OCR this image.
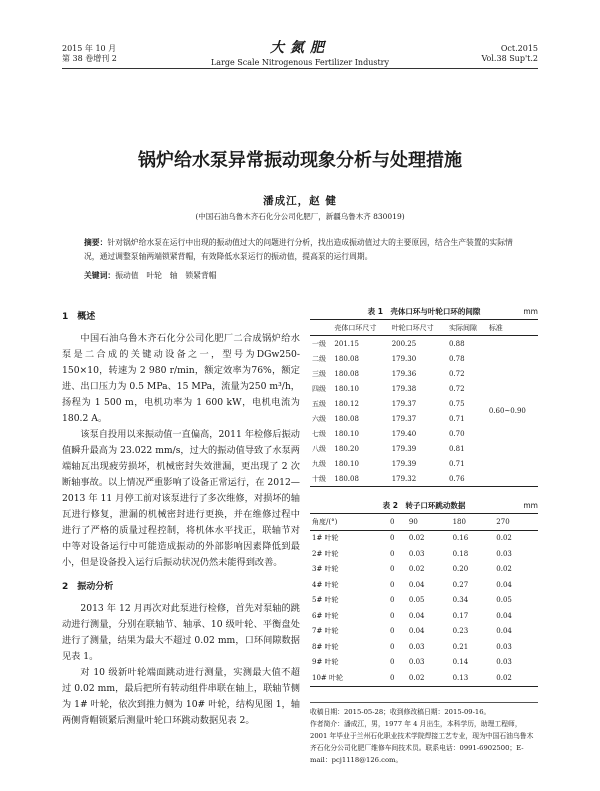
2015 年 10 月
第 38 卷增刊 2
大氮肥
Large Scale Nitrogenous Fertilizer Industry
Oct.2015
Vol.38 Sup't.2
锅炉给水泵异常振动现象分析与处理措施
潘成江，赵 健
(中国石油乌鲁木齐石化分公司化肥厂，新疆乌鲁木齐 830019)
摘要：针对锅炉给水泵在运行中出现的振动值过大的问题进行分析，找出造成振动值过大的主要原因，结合生产装置的实际情况，通过调整泵轴两端锁紧背帽，有效降低水泵运行的振动值，提高泵的运行周期。
关键词：振动值　叶轮　轴　锁紧背帽
1　概述

中国石油乌鲁木齐石化分公司化肥厂二合成锅炉给水泵是二合成的关键动设备之一，型号为DGw250-150×10，转速为 2 980 r/min，额定效率为76%，额定进、出口压力为 0.5 MPa、15 MPa，流量为250 m³/h，扬程为 1 500 m，电机功率为 1 600 kW，电机电流为 180.2 A。

该泵自投用以来振动值一直偏高，2011 年检修后振动值瞬升最高为 23.022 mm/s，过大的振动值导致了水泵两端轴瓦出现疲劳损坏，机械密封失效泄漏，更出现了 2 次断轴事故。以上情况严重影响了设备正常运行，在 2012—2013 年 11 月停工前对该泵进行了多次维修，对损坏的轴瓦进行修复，泄漏的机械密封进行更换，并在维修过程中进行了严格的质量过程控制，将机体水平找正，联轴节对中等对设备运行中可能造成振动的外部影响因素降低到最小，但是设备投入运行后振动状况仍然未能得到改善。

2　振动分析

2013 年 12 月再次对此泵进行检修，首先对泵轴的跳动进行测量，分别在联轴节、轴承、10 级叶轮、平衡盘处进行了测量，结果为最大不超过 0.02 mm，口环间隙数据见表 1。

对 10 级新叶轮端面跳动进行测量，实测最大值不超过 0.02 mm，最后把所有转动组件串联在轴上，联轴节侧为 1# 叶轮，依次到推力侧为 10# 叶轮，结构见图 1，轴两侧背帽锁紧后测量叶轮口环跳动数据见表 2。

表 1　壳体口环与叶轮口环的间隙	mm
	壳体口环尺寸	叶轮口环尺寸	实际间隙	标准
一级	201.15	200.25	0.88	0.60~0.90
二级	180.08	179.30	0.78	
三级	180.08	179.36	0.72	
四级	180.10	179.38	0.72	
五级	180.12	179.37	0.75	
六级	180.08	179.37	0.71	
七级	180.10	179.40	0.70	
八级	180.20	179.39	0.81	
九级	180.10	179.39	0.71	
十级	180.08	179.32	0.76	
表 2　转子口环跳动数据	mm
角度/(°)	0	90	180	270
1# 叶轮	0	0.02	0.16	0.02
2# 叶轮	0	0.03	0.18	0.03
3# 叶轮	0	0.02	0.20	0.02
4# 叶轮	0	0.04	0.27	0.04
5# 叶轮	0	0.05	0.34	0.05
6# 叶轮	0	0.04	0.17	0.04
7# 叶轮	0	0.04	0.23	0.04
8# 叶轮	0	0.03	0.21	0.03
9# 叶轮	0	0.03	0.14	0.03
10# 叶轮	0	0.02	0.13	0.02

收稿日期：2015-05-28；收到修改稿日期：2015-09-16。

作者简介：潘成江，男，1977 年 4 月出生，本科学历，助理工程师，2001 年毕业于兰州石化职业技术学院焊接工艺专业，现为中国石油乌鲁木齐石化分公司化肥厂维修车间技术员。联系电话：0991-6902500；E-mail：pcj1118@126.com。
